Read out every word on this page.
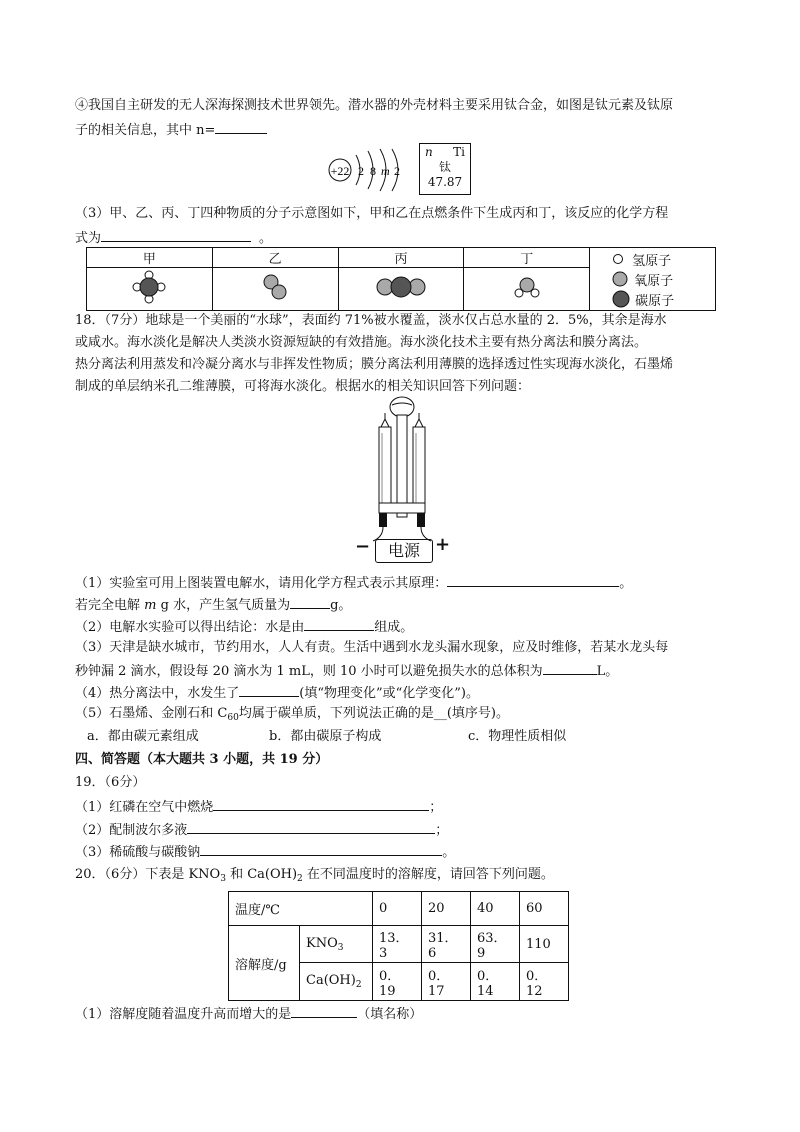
④我国自主研发的无人深海探测技术世界领先。潜水器的外壳材料主要采用钛合金，如图是钛元素及钛原
子的相关信息，其中 n=
+22 2 8 m 2
n Ti
钛
47.87
（3）甲、乙、丙、丁四种物质的分子示意图如下，甲和乙在点燃条件下生成丙和丁，该反应的化学方程
式为	。
甲	乙	丙	丁	氢原子
氧原子
碳原子

18．（7分）地球是一个美丽的“水球”，表面约 71%被水覆盖，淡水仅占总水量的 2．5%，其余是海水
或咸水。海水淡化是解决人类淡水资源短缺的有效措施。海水淡化技术主要有热分离法和膜分离法。
热分离法利用蒸发和冷凝分离水与非挥发性物质；膜分离法利用薄膜的选择透过性实现海水淡化，石墨烯
制成的单层纳米孔二维薄膜，可将海水淡化。根据水的相关知识回答下列问题：
−	电源 +
（1）实验室可用上图装置电解水，请用化学方程式表示其原理：	。
若完全电解 m g 水，产生氢气质量为	g。
（2）电解水实验可以得出结论：水是由	组成。
（3）天津是缺水城市，节约用水，人人有责。生活中遇到水龙头漏水现象，应及时维修，若某水龙头每
秒钟漏 2 滴水，假设每 20 滴水为 1 mL，则 10 小时可以避免损失水的总体积为	L。
（4）热分离法中，水发生了	(填“物理变化”或“化学变化”)。
（5）石墨烯、金刚石和 $C_{60}$均属于碳单质，下列说法正确的是__(填序号)。
a．都由碳元素组成	b．都由碳原子构成	c．物理性质相似
四、简答题（本大题共 3 小题，共 19 分）
19．（6分）
（1）红磷在空气中燃烧	；
（2）配制波尔多液	；
（3）稀硫酸与碳酸钠	。
20．（6分）下表是 $KNO_3$ 和 $Ca(OH)_2$ 在不同温度时的溶解度，请回答下列问题。
温度/℃		0	20	40	60
溶解度/g	$KNO_3$	13．3	31．6	63．9	110
	$Ca(OH)_2$	0．19	0．17	0．14	0．12
（1）溶解度随着温度升高而增大的是	（填名称）
